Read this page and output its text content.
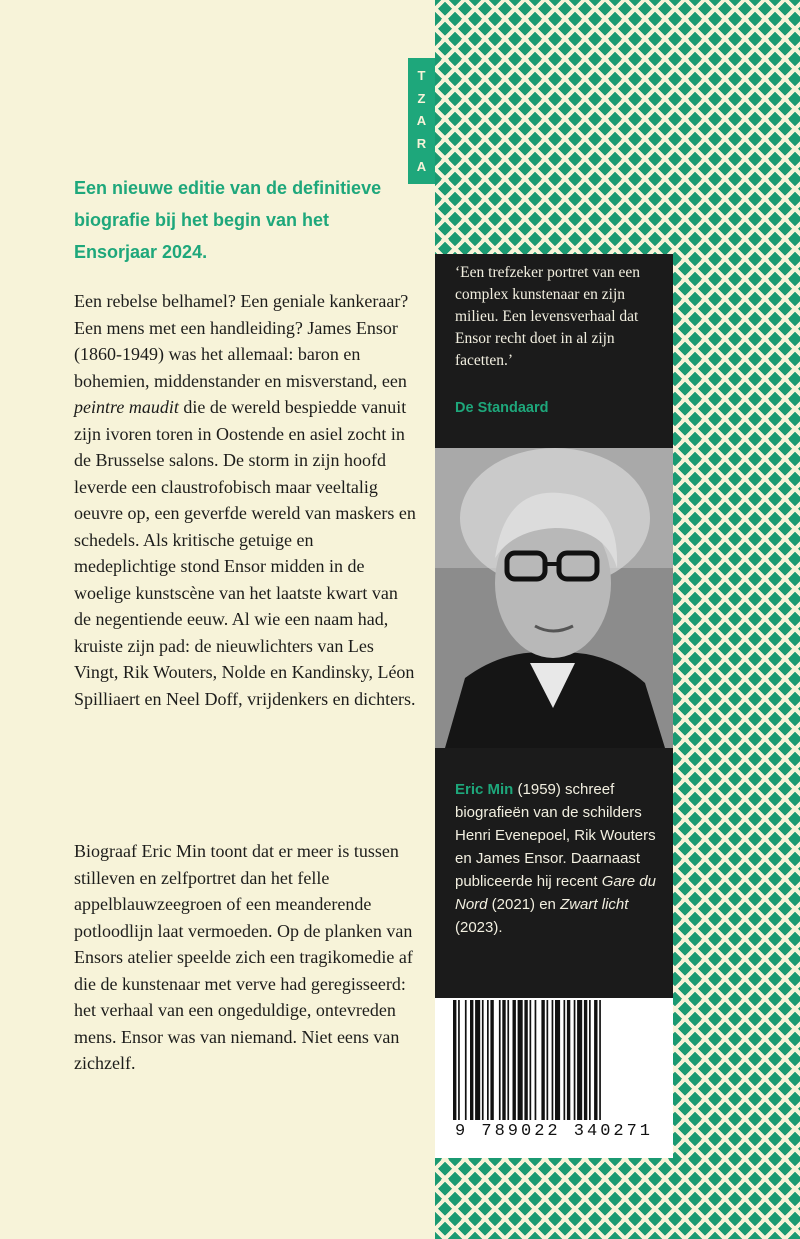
T
Z
A
R
A
Een nieuwe editie van de definitieve biografie bij het begin van het Ensorjaar 2024.
Een rebelse belhamel? Een geniale kankeraar? Een mens met een handleiding? James Ensor (1860-1949) was het allemaal: baron en bohemien, middenstander en misverstand, een peintre maudit die de wereld bespiedde vanuit zijn ivoren toren in Oostende en asiel zocht in de Brusselse salons. De storm in zijn hoofd leverde een claustrofobisch maar veeltalig oeuvre op, een geverfde wereld van maskers en schedels. Als kritische getuige en medeplichtige stond Ensor midden in de woelige kunstscène van het laatste kwart van de negentiende eeuw. Al wie een naam had, kruiste zijn pad: de nieuwlichters van Les Vingt, Rik Wouters, Nolde en Kandinsky, Léon Spilliaert en Neel Doff, vrijdenkers en dichters.
Biograaf Eric Min toont dat er meer is tussen stilleven en zelfportret dan het felle appelblauwzeegroen of een meanderende potloodlijn laat vermoeden. Op de planken van Ensors atelier speelde zich een tragikomedie af die de kunstenaar met verve had geregisseerd: het verhaal van een ongeduldige, ontevreden mens. Ensor was van niemand. Niet eens van zichzelf.
‘Een trefzeker portret van een complex kunstenaar en zijn milieu. Een levensverhaal dat Ensor recht doet in al zijn facetten.’
De Standaard
Eric Min (1959) schreef biografieën van de schilders Henri Evenepoel, Rik Wouters en James Ensor. Daarnaast publiceerde hij recent Gare du Nord (2021) en Zwart licht (2023).
9 789022 340271
